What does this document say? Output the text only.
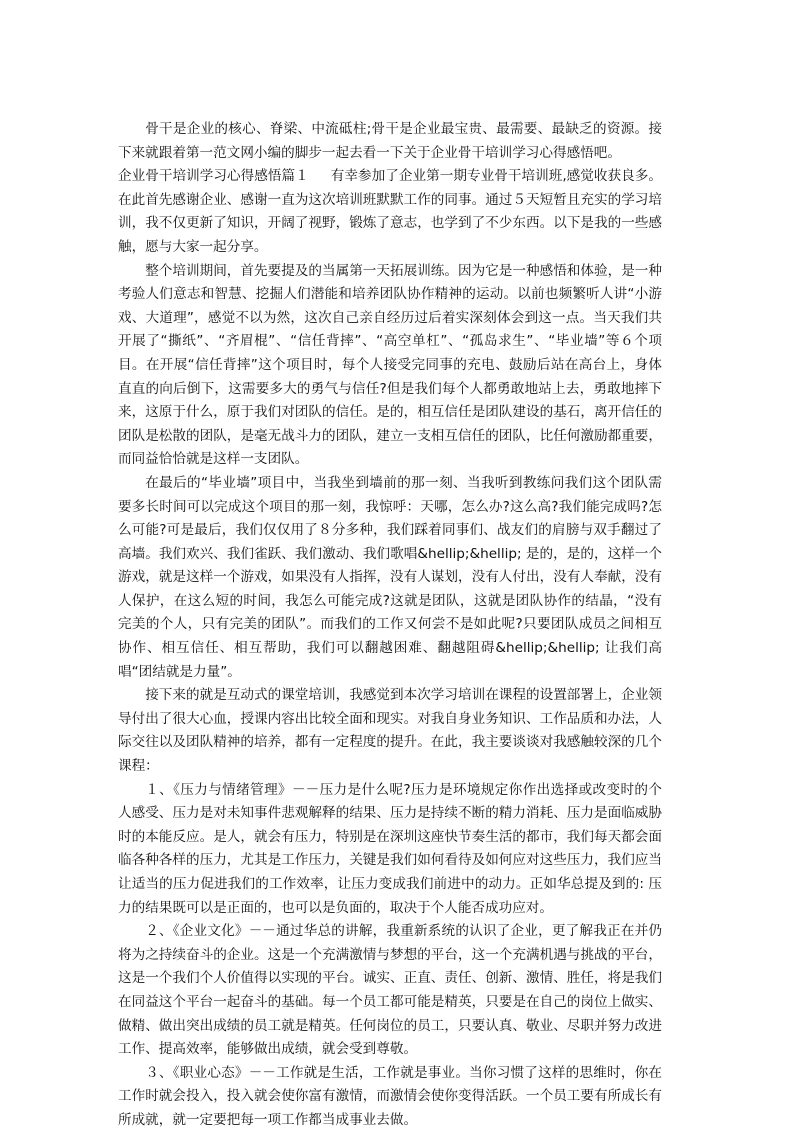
骨干是企业的核心、脊梁、中流砥柱;骨干是企业最宝贵、最需要、最缺乏的资源。接下来就跟着第一范文网小编的脚步一起去看一下关于企业骨干培训学习心得感悟吧。

企业骨干培训学习心得感悟篇１ 有幸参加了企业第一期专业骨干培训班,感觉收获良多。在此首先感谢企业、感谢一直为这次培训班默默工作的同事。通过５天短暂且充实的学习培训，我不仅更新了知识，开阔了视野，锻炼了意志，也学到了不少东西。以下是我的一些感触，愿与大家一起分享。

整个培训期间，首先要提及的当属第一天拓展训练。因为它是一种感悟和体验，是一种考验人们意志和智慧、挖掘人们潜能和培养团队协作精神的运动。以前也频繁听人讲“小游戏、大道理”，感觉不以为然，这次自己亲自经历过后着实深刻体会到这一点。当天我们共开展了“撕纸”、“齐眉棍”、“信任背摔”、“高空单杠”、“孤岛求生”、“毕业墙”等６个项目。在开展“信任背摔”这个项目时，每个人接受完同事的充电、鼓励后站在高台上，身体直直的向后倒下，这需要多大的勇气与信任?但是我们每个人都勇敢地站上去，勇敢地摔下来，这原于什么，原于我们对团队的信任。是的，相互信任是团队建设的基石，离开信任的团队是松散的团队，是毫无战斗力的团队，建立一支相互信任的团队，比任何激励都重要，而同益恰恰就是这样一支团队。

在最后的“毕业墙”项目中，当我坐到墙前的那一刻、当我听到教练问我们这个团队需要多长时间可以完成这个项目的那一刻，我惊呼：天哪，怎么办?这么高?我们能完成吗?怎么可能?可是最后，我们仅仅用了８分多种，我们踩着同事们、战友们的肩膀与双手翻过了高墙。我们欢兴、我们雀跃、我们激动、我们歌唱&hellip;&hellip; 是的，是的，这样一个游戏，就是这样一个游戏，如果没有人指挥，没有人谋划，没有人付出，没有人奉献，没有人保护，在这么短的时间，我怎么可能完成?这就是团队，这就是团队协作的结晶，“没有完美的个人，只有完美的团队”。而我们的工作又何尝不是如此呢?只要团队成员之间相互协作、相互信任、相互帮助，我们可以翻越困难、翻越阻碍&hellip;&hellip; 让我们高唱“团结就是力量”。

接下来的就是互动式的课堂培训，我感觉到本次学习培训在课程的设置部署上，企业领导付出了很大心血，授课内容出比较全面和现实。对我自身业务知识、工作品质和办法，人际交往以及团队精神的培养，都有一定程度的提升。在此，我主要谈谈对我感触较深的几个课程：

１、《压力与情绪管理》－－压力是什么呢?压力是环境规定你作出选择或改变时的个人感受、压力是对未知事件悲观解释的结果、压力是持续不断的精力消耗、压力是面临威胁时的本能反应。是人，就会有压力，特别是在深圳这座快节奏生活的都市，我们每天都会面临各种各样的压力，尤其是工作压力，关键是我们如何看待及如何应对这些压力，我们应当让适当的压力促进我们的工作效率，让压力变成我们前进中的动力。正如华总提及到的: 压力的结果既可以是正面的，也可以是负面的，取决于个人能否成功应对。

２、《企业文化》－－通过华总的讲解，我重新系统的认识了企业，更了解我正在并仍将为之持续奋斗的企业。这是一个充满激情与梦想的平台，这一个充满机遇与挑战的平台，这是一个我们个人价值得以实现的平台。诚实、正直、责任、创新、激情、胜任，将是我们在同益这个平台一起奋斗的基础。每一个员工都可能是精英，只要是在自己的岗位上做实、做精、做出突出成绩的员工就是精英。任何岗位的员工，只要认真、敬业、尽职并努力改进工作、提高效率，能够做出成绩，就会受到尊敬。

３、《职业心态》－－工作就是生活，工作就是事业。当你习惯了这样的思维时，你在工作时就会投入，投入就会使你富有激情，而激情会使你变得活跃。一个员工要有所成长有所成就，就一定要把每一项工作都当成事业去做。
